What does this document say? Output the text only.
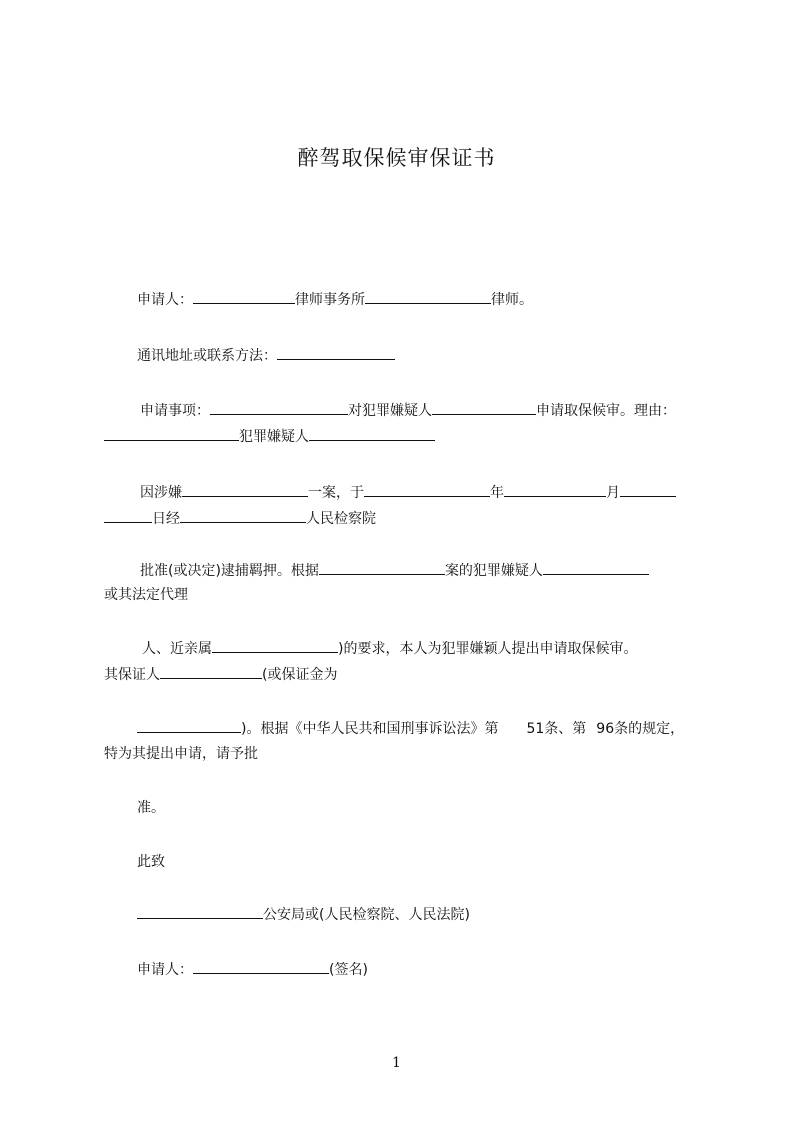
醉驾取保候审保证书
申请人：	律师事务所	律师。
通讯地址或联系方法：
申请事项：	对犯罪嫌疑人	申请取保候审。理由：
犯罪嫌疑人
因涉嫌	一案，于	年	月
日经	人民检察院
批准(或决定)逮捕羁押。根据	案的犯罪嫌疑人
或其法定代理
人、近亲属	)的要求，本人为犯罪嫌颖人提出申请取保候审。
其保证人	(或保证金为
)。根据《中华人民共和国刑事诉讼法》第 51条、第 96条的规定，
特为其提出申请，请予批
准。
此致
公安局或(人民检察院、人民法院)
申请人：	(签名)
1
